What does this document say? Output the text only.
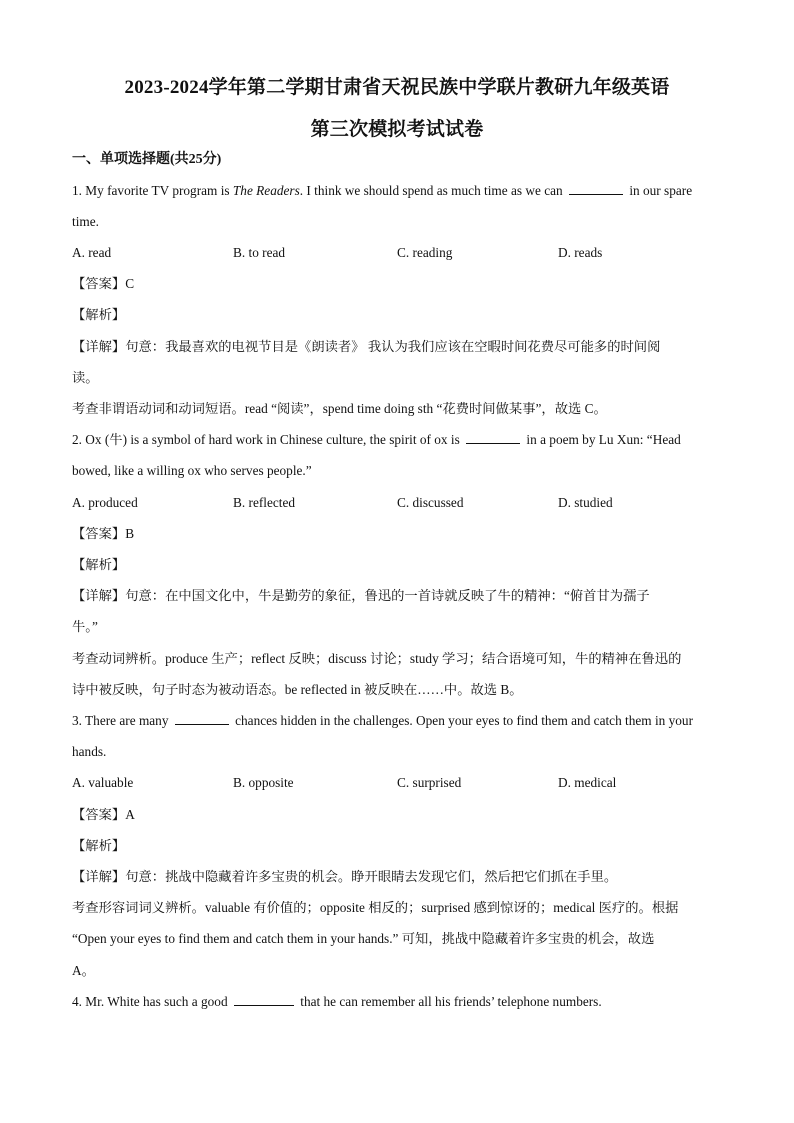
2023-2024学年第二学期甘肃省天祝民族中学联片教研九年级英语
第三次模拟考试试卷
一、单项选择题(共25分)
1. My favorite TV program is The Readers. I think we should spend as much time as we can	in our spare
time.
A. read	B. to read	C. reading	D. reads
【答案】C
【解析】
【详解】句意：我最喜欢的电视节目是《朗读者》 我认为我们应该在空暇时间花费尽可能多的时间阅
读。
考查非谓语动词和动词短语。read “阅读”，spend time doing sth “花费时间做某事”，故选 C。
2. Ox (牛) is a symbol of hard work in Chinese culture, the spirit of ox is	in a poem by Lu Xun: “Head
bowed, like a willing ox who serves people.”
A. produced	B. reflected	C. discussed	D. studied
【答案】B
【解析】
【详解】句意：在中国文化中，牛是勤劳的象征，鲁迅的一首诗就反映了牛的精神：“俯首甘为孺子
牛。”
考查动词辨析。produce 生产；reflect 反映；discuss 讨论；study 学习；结合语境可知，牛的精神在鲁迅的
诗中被反映，句子时态为被动语态。be reflected in 被反映在……中。故选 B。
3. There are many	chances hidden in the challenges. Open your eyes to find them and catch them in your
hands.
A. valuable	B. opposite	C. surprised	D. medical
【答案】A
【解析】
【详解】句意：挑战中隐藏着许多宝贵的机会。睁开眼睛去发现它们，然后把它们抓在手里。
考查形容词词义辨析。valuable 有价值的；opposite 相反的；surprised 感到惊讶的；medical 医疗的。根据
“Open your eyes to find them and catch them in your hands.” 可知，挑战中隐藏着许多宝贵的机会，故选
A。
4. Mr. White has such a good	that he can remember all his friends’ telephone numbers.
